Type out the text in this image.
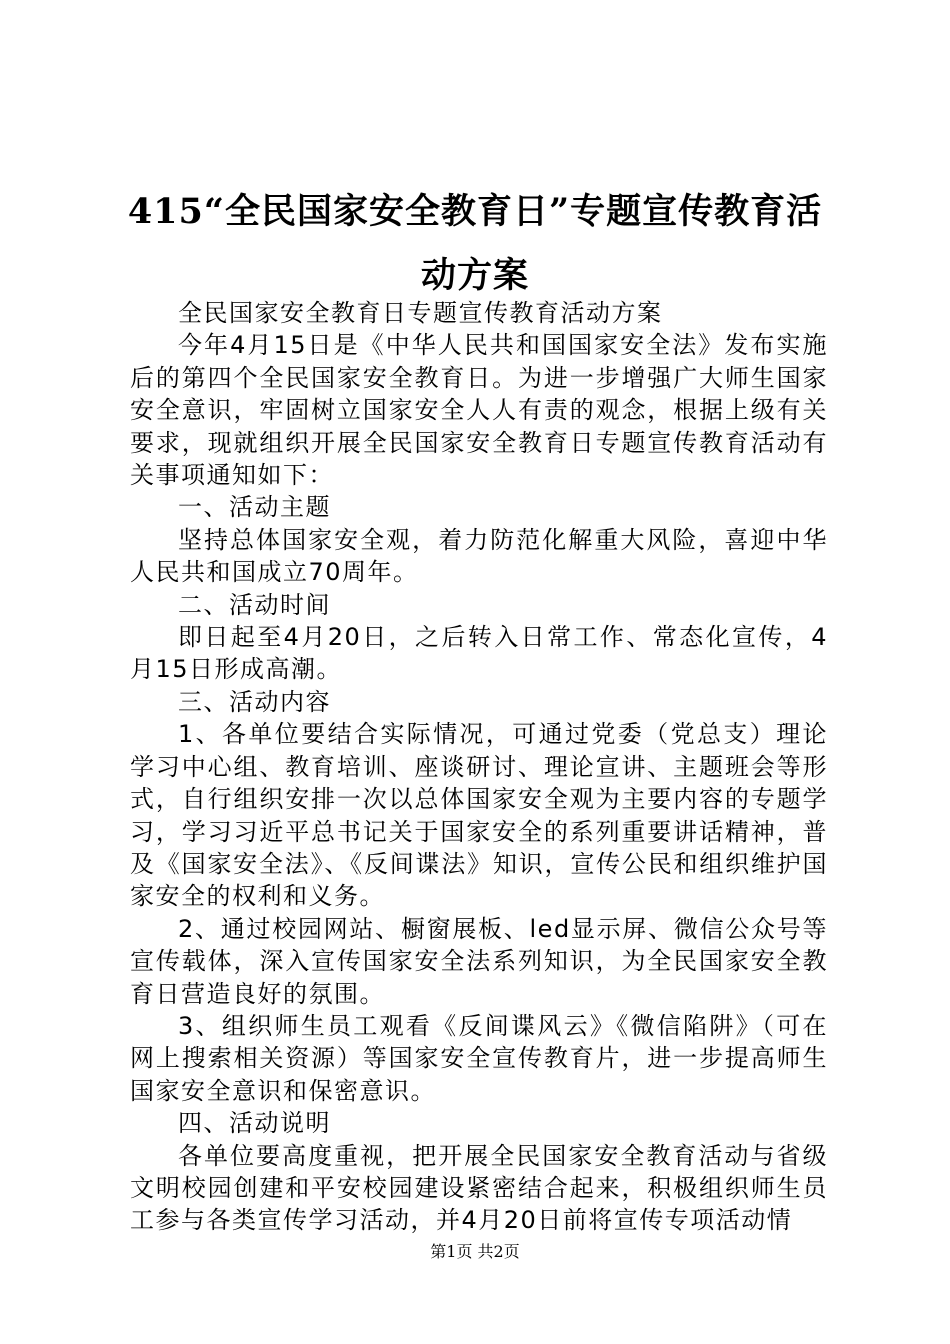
415“全民国家安全教育日”专题宣传教育活
动方案

全民国家安全教育日专题宣传教育活动方案

今年4月15日是《中华人民共和国国家安全法》发布实施后的第四个全民国家安全教育日。为进一步增强广大师生国家安全意识，牢固树立国家安全人人有责的观念，根据上级有关要求，现就组织开展全民国家安全教育日专题宣传教育活动有关事项通知如下：

一、活动主题

坚持总体国家安全观，着力防范化解重大风险，喜迎中华人民共和国成立70周年。

二、活动时间

即日起至4月20日，之后转入日常工作、常态化宣传，4月15日形成高潮。

三、活动内容

1、各单位要结合实际情况，可通过党委（党总支）理论学习中心组、教育培训、座谈研讨、理论宣讲、主题班会等形式，自行组织安排一次以总体国家安全观为主要内容的专题学习，学习习近平总书记关于国家安全的系列重要讲话精神，普及《国家安全法》、《反间谍法》知识，宣传公民和组织维护国家安全的权利和义务。

2、通过校园网站、橱窗展板、led显示屏、微信公众号等宣传载体，深入宣传国家安全法系列知识，为全民国家安全教育日营造良好的氛围。

3、组织师生员工观看《反间谍风云》《微信陷阱》（可在网上搜索相关资源）等国家安全宣传教育片，进一步提高师生国家安全意识和保密意识。

四、活动说明

各单位要高度重视，把开展全民国家安全教育活动与省级文明校园创建和平安校园建设紧密结合起来，积极组织师生员工参与各类宣传学习活动，并4月20日前将宣传专项活动情

第1页 共2页
